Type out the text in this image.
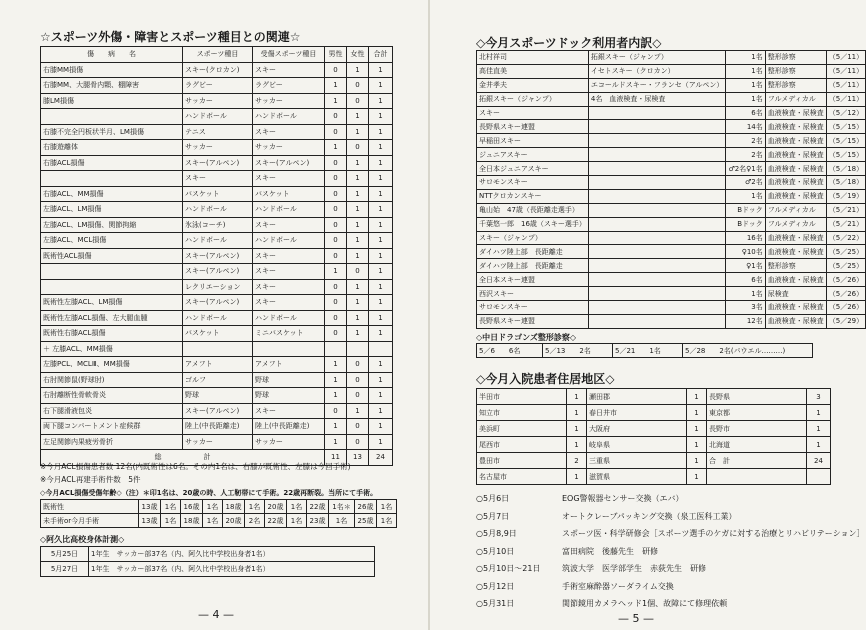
☆スポーツ外傷・障害とスポーツ種目との関連☆
傷　　病　　名	スポーツ種目	受傷スポーツ種目	男性	女性	合計
右膝MM損傷	スキー(クロカン)	スキー	0	1	1
右膝MM、大腿骨内顆、棚障害	ラグビー	ラグビー	1	0	1
膝LM損傷	サッカー	サッカー	1	0	1
	ハンドボール	ハンドボール	0	1	1
右膝不完全円板状半月、LM損傷	テニス	スキー	0	1	1
右膝遊離体	サッカー	サッカー	1	0	1
右膝ACL損傷	スキー(アルペン)	スキー(アルペン)	0	1	1
	スキー	スキー	0	1	1
右膝ACL、MM損傷	バスケット	バスケット	0	1	1
左膝ACL、LM損傷	ハンドボール	ハンドボール	0	1	1
左膝ACL、LM損傷、関節拘縮	氷泳(コーチ)	スキー	0	1	1
左膝ACL、MCL損傷	ハンドボール	ハンドボール	0	1	1
既術性ACL損傷	スキー(アルペン)	スキー	0	1	1
	スキー(アルペン)	スキー	1	0	1
	レクリエーション	スキー	0	1	1
既術性左膝ACL、LM損傷	スキー(アルペン)	スキー	0	1	1
既術性左膝ACL損傷、左大腿血腫	ハンドボール	ハンドボール	0	1	1
既術性右膝ACL損傷	バスケット	ミニバスケット	0	1	1
＋ 左膝ACL、MM損傷					
左膝PCL、MCLⅢ、MM損傷	アメフト	アメフト	1	0	1
右肘関節鼠(野球肘)	ゴルフ	野球	1	0	1
右肘離断性骨軟骨炎	野球	野球	1	0	1
右下腿滑液包炎	スキー(アルペン)	スキー	0	1	1
両下腿コンパートメント症候群	陸上(中長距離走)	陸上(中長距離走)	1	0	1
左足関節内果疲労骨折	サッカー	サッカー	1	0	1
総　　　　　　計			11	13	24
※今月ACL損傷患者数 12名(内既術性は6名。その内1名は、右膝が既術性、左膝は今回手術)
※今月ACL再建手術件数　5件
◇今月ACL損傷受傷年齢◇（注）＊印1名は、20歳の時、人工靭帯にて手術。22歳再断裂。当所にて手術。
既術性	13歳	1名	16歳	1名	18歳	1名	20歳	1名	22歳	1名＊	26歳	1名
未手術or今月手術	13歳	1名	18歳	1名	20歳	2名	22歳	1名	23歳	1名	25歳	1名
◇阿久比高校身体計測◇
5月25日	1年生　サッカー部37名（内、阿久比中学校出身者1名）
5月27日	1年生　サッカー部37名（内、阿久比中学校出身者1名）
— 4 —
◇今月スポーツドック利用者内訳◇
北村祥司	拓銀スキー（ジャンプ）	1名	整形診察	（5／11）
高佳直美	イセトスキー（クロカン）	1名	整形診察	（5／11）
金井孝夫	エコールドスキー・フランセ（アルペン）	1名	整形診察	（5／11）
拓銀スキー（ジャンプ）	4名　血液検査・尿検査	1名	フルメディカル	（5／11）
スキー		6名	血液検査・尿検査	（5／12）
長野県スキー連盟		14名	血液検査・尿検査	（5／15）
早稲田スキー		2名	血液検査・尿検査	（5／15）
ジュニアスキー		2名	血液検査・尿検査	（5／15）
全日本ジュニアスキー		♂2名♀1名	血液検査・尿検査	（5／18）
サロモンスキー		♂2名	血液検査・尿検査	（5／18）
NTTクロカンスキー		1名	血液検査・尿検査	（5／19）
亀山始　47歳（長距離走選手）		Bドック	フルメディカル	（5／21）
千葉悠一郎　16歳（スキー選手）		Bドック	フルメディカル	（5／21）
スキー（ジャンプ）		16名	血液検査・尿検査	（5／22）
ダイハツ陸上部　長距離走		♀10名	血液検査・尿検査	（5／25）
ダイハツ陸上部　長距離走		♀1名	整形診察	（5／25）
全日本スキー連盟		6名	血液検査・尿検査	（5／26）
西沢スキー		1名	尿検査	（5／26）
サロモンスキー		3名	血液検査・尿検査	（5／26）
長野県スキー連盟		12名	血液検査・尿検査	（5／29）
◇中日ドラゴンズ整形診察◇
5／6　　6名	5／13　　2名	5／21　　1名	5／28　　2名(パウエル………)
◇今月入院患者住居地区◇
半田市	1	瀬田郡	1	長野県	3
知立市	1	春日井市	1	東京都	1
美浜町	1	大阪府	1	長野市	1
尾西市	1	岐阜県	1	北海道	1
豊田市	2	三重県	1	合　計	24
名古屋市	1	滋賀県	1		
○5月6日	EOG警報器センサー交換（エバ）
○5月7日	オートクレーブパッキング交換（泉工医科工業）
○5月8,9日	スポーツ医・科学研修会［スポーツ選手のケガに対する治療とリハビリテーション］
○5月10日	富田病院　後藤先生　研修
○5月10日～21日	筑波大学　医学部学生　赤荻先生　研修
○5月12日	手術室麻酔器ソーダライム交換
○5月31日	関節鏡用カメラヘッド1個、故障にて修理依頼
— 5 —
